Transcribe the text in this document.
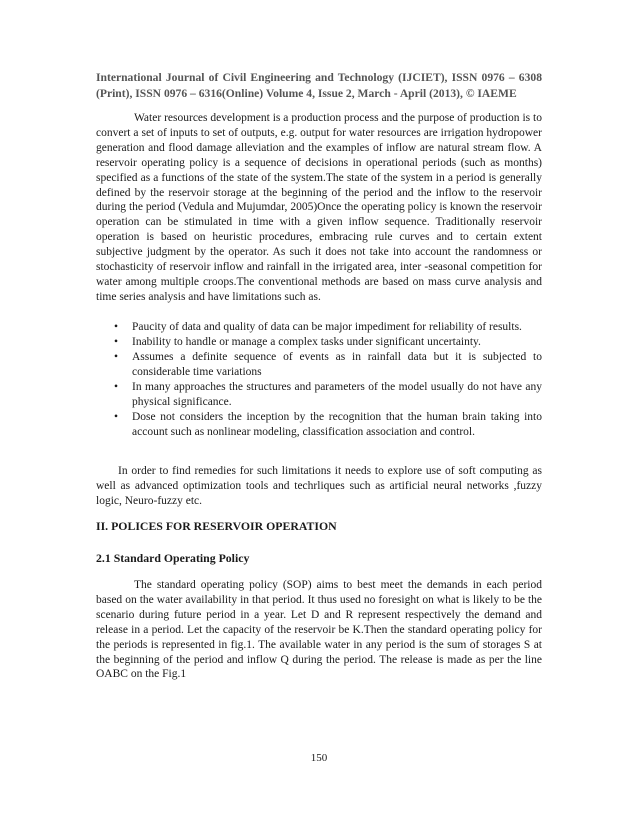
International Journal of Civil Engineering and Technology (IJCIET), ISSN 0976 – 6308
(Print), ISSN 0976 – 6316(Online) Volume 4, Issue 2, March - April (2013), © IAEME

Water resources development is a production process and the purpose of production is to convert a set of inputs to set of outputs, e.g. output for water resources are irrigation hydropower generation and flood damage alleviation and the examples of inflow are natural stream flow. A reservoir operating policy is a sequence of decisions in operational periods (such as months) specified as a functions of the state of the system.The state of the system in a period is generally defined by the reservoir storage at the beginning of the period and the inflow to the reservoir during the period (Vedula and Mujumdar, 2005)Once the operating policy is known the reservoir operation can be stimulated in time with a given inflow sequence. Traditionally reservoir operation is based on heuristic procedures, embracing rule curves and to certain extent subjective judgment by the operator. As such it does not take into account the randomness or stochasticity of reservoir inflow and rainfall in the irrigated area, inter -seasonal competition for water among multiple croops.The conventional methods are based on mass curve analysis and time series analysis and have limitations such as.

• Paucity of data and quality of data can be major impediment for reliability of results.
• Inability to handle or manage a complex tasks under significant uncertainty.
• Assumes a definite sequence of events as in rainfall data but it is subjected to considerable time variations
• In many approaches the structures and parameters of the model usually do not have any physical significance.
• Dose not considers the inception by the recognition that the human brain taking into account such as nonlinear modeling, classification association and control.

In order to find remedies for such limitations it needs to explore use of soft computing as well as advanced optimization tools and techrliques such as artificial neural networks ,fuzzy logic, Neuro-fuzzy etc.

II. POLICES FOR RESERVOIR OPERATION
2.1 Standard Operating Policy

The standard operating policy (SOP) aims to best meet the demands in each period based on the water availability in that period. It thus used no foresight on what is likely to be the scenario during future period in a year. Let D and R represent respectively the demand and release in a period. Let the capacity of the reservoir be K.Then the standard operating policy for the periods is represented in fig.1. The available water in any period is the sum of storages S at the beginning of the period and inflow Q during the period. The release is made as per the line OABC on the Fig.1

150
